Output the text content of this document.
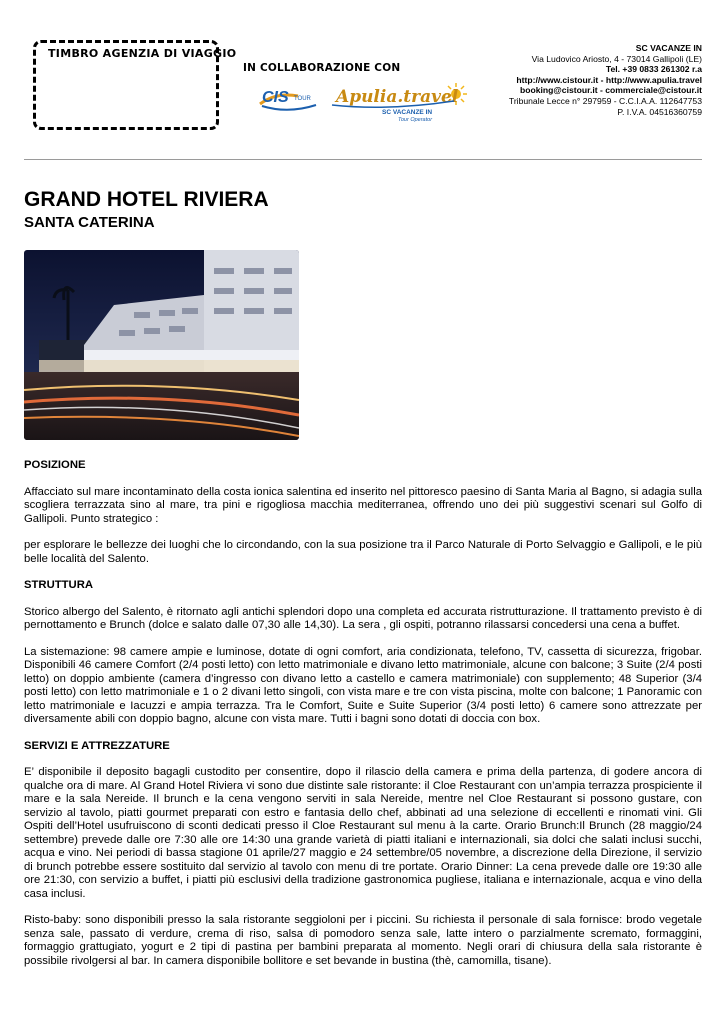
TIMBRO AGENZIA DI VIAGGIO
IN COLLABORAZIONE CON
CIS TOUR Apulia.travel
SC VACANZE IN
Tour Operator
SC VACANZE IN
Via Ludovico Ariosto, 4 - 73014 Gallipoli (LE)
Tel. +39 0833 261302 r.a
http://www.cistour.it - http://www.apulia.travel
booking@cistour.it - commerciale@cistour.it
Tribunale Lecce n° 297959 - C.C.I.A.A. 112647753
P. I.V.A. 04516360759
GRAND HOTEL RIVIERA
SANTA CATERINA
POSIZIONE

Affacciato sul mare incontaminato della costa ionica salentina ed inserito nel pittoresco paesino di Santa Maria al Bagno, si adagia sulla scogliera terrazzata sino al mare, tra pini e rigogliosa macchia mediterranea, offrendo uno dei più suggestivi scenari sul Golfo di Gallipoli. Punto strategico :

per esplorare le bellezze dei luoghi che lo circondando, con la sua posizione tra il Parco Naturale di Porto Selvaggio e Gallipoli, e le più belle località del Salento.

STRUTTURA

Storico albergo del Salento, è ritornato agli antichi splendori dopo una completa ed accurata ristrutturazione. Il trattamento previsto è di pernottamento e Brunch (dolce e salato dalle 07,30 alle 14,30). La sera , gli ospiti, potranno rilassarsi concedersi una cena a buffet.

La sistemazione: 98 camere ampie e luminose, dotate di ogni comfort, aria condizionata, telefono, TV, cassetta di sicurezza, frigobar. Disponibili 46 camere Comfort (2/4 posti letto) con letto matrimoniale e divano letto matrimoniale, alcune con balcone; 3 Suite (2/4 posti letto) on doppio ambiente (camera d’ingresso con divano letto a castello e camera matrimoniale) con supplemento; 48 Superior (3/4 posti letto) con letto matrimoniale e 1 o 2 divani letto singoli, con vista mare e tre con vista piscina, molte con balcone; 1 Panoramic con letto matrimoniale e Iacuzzi e ampia terrazza. Tra le Comfort, Suite e Suite Superior (3/4 posti letto) 6 camere sono attrezzate per diversamente abili con doppio bagno, alcune con vista mare. Tutti i bagni sono dotati di doccia con box.

SERVIZI E ATTREZZATURE

E’ disponibile il deposito bagagli custodito per consentire, dopo il rilascio della camera e prima della partenza, di godere ancora di qualche ora di mare. Al Grand Hotel Riviera vi sono due distinte sale ristorante: il Cloe Restaurant con un’ampia terrazza prospiciente il mare e la sala Nereide. Il brunch e la cena vengono serviti in sala Nereide, mentre nel Cloe Restaurant si possono gustare, con servizio al tavolo, piatti gourmet preparati con estro e fantasia dello chef, abbinati ad una selezione di eccellenti e rinomati vini. Gli Ospiti dell’Hotel usufruiscono di sconti dedicati presso il Cloe Restaurant sul menu à la carte. Orario Brunch:Il Brunch (28 maggio/24 settembre) prevede dalle ore 7:30 alle ore 14:30 una grande varietà di piatti italiani e internazionali, sia dolci che salati inclusi succhi, acqua e vino. Nei periodi di bassa stagione 01 aprile/27 maggio e 24 settembre/05 novembre, a discrezione della Direzione, il servizio di brunch potrebbe essere sostituito dal servizio al tavolo con menu di tre portate. Orario Dinner: La cena prevede dalle ore 19:30 alle ore 21:30, con servizio a buffet, i piatti più esclusivi della tradizione gastronomica pugliese, italiana e internazionale, acqua e vino della casa inclusi.

Risto-baby: sono disponibili presso la sala ristorante seggioloni per i piccini. Su richiesta il personale di sala fornisce: brodo vegetale senza sale, passato di verdure, crema di riso, salsa di pomodoro senza sale, latte intero o parzialmente scremato, formaggini, formaggio grattugiato, yogurt e 2 tipi di pastina per bambini preparata al momento. Negli orari di chiusura della sala ristorante è possibile rivolgersi al bar. In camera disponibile bollitore e set bevande in bustina (thè, camomilla, tisane).
